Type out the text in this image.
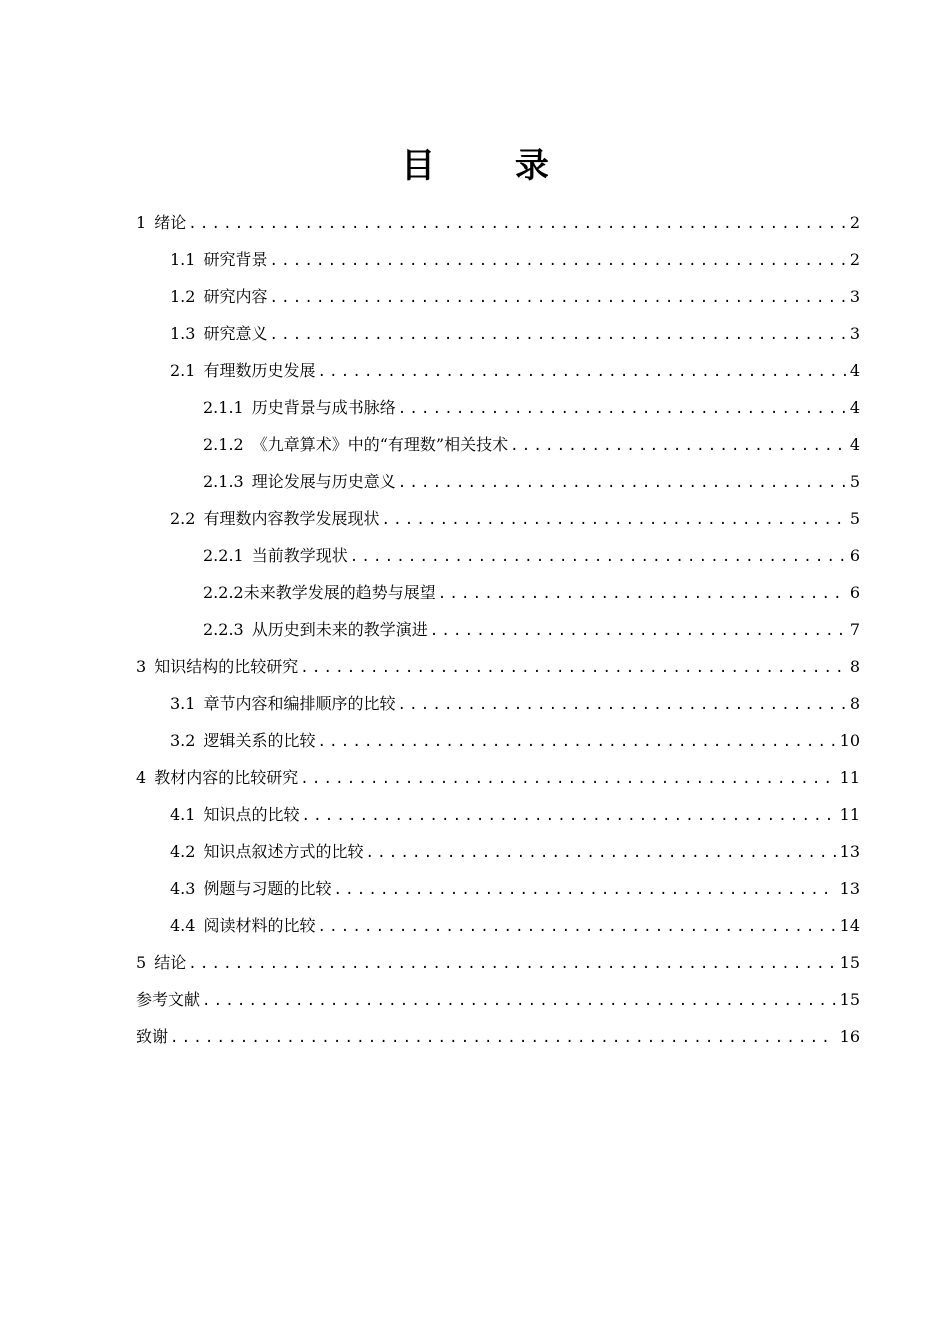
目 录
1 绪论 .....	2
1.1 研究背景 .....	2
1.2 研究内容 .....	3
1.3 研究意义 .....	3
2.1 有理数历史发展 .....	4
2.1.1 历史背景与成书脉络 .....	4
2.1.2 《九章算术》中的“有理数”相关技术 .....	4
2.1.3 理论发展与历史意义 .....	5
2.2 有理数内容教学发展现状 .....	5
2.2.1 当前教学现状 .....	6
2.2.2 未来教学发展的趋势与展望 .....	6
2.2.3 从历史到未来的教学演进 .....	7
3 知识结构的比较研究 .....	8
3.1 章节内容和编排顺序的比较 .....	8
3.2 逻辑关系的比较 .....	10
4 教材内容的比较研究 .....	11
4.1 知识点的比较 .....	11
4.2 知识点叙述方式的比较 .....	13
4.3 例题与习题的比较 .....	13
4.4 阅读材料的比较 .....	14
5 结论 .....	15
参考文献 .....	15
致谢 .....	16
